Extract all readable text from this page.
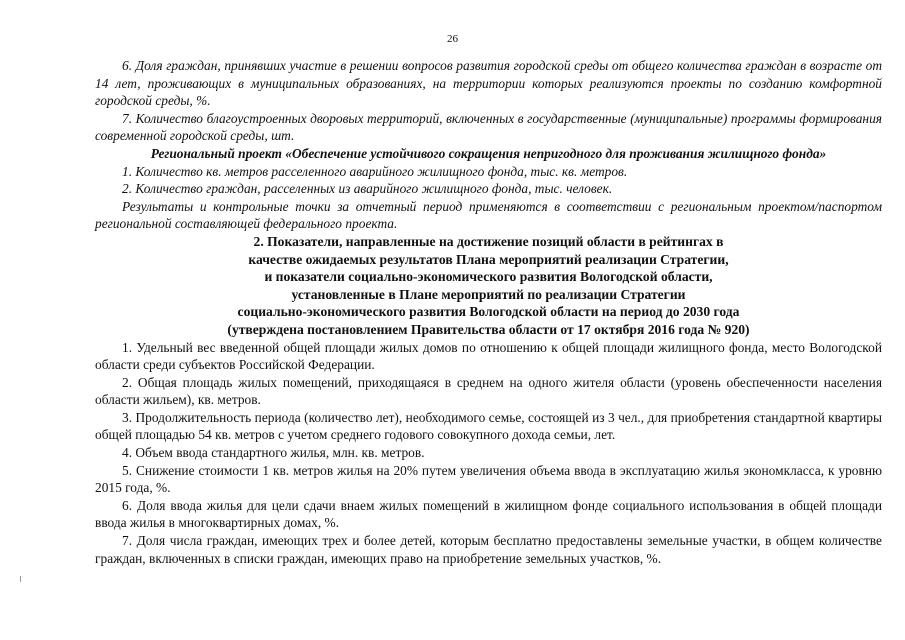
26

6. Доля граждан, принявших участие в решении вопросов развития городской среды от общего количества граждан в возрасте от 14 лет, проживающих в муниципальных образованиях, на территории которых реализуются проекты по созданию комфортной городской среды, %.

7. Количество благоустроенных дворовых территорий, включенных в государственные (муниципальные) программы формирования современной городской среды, шт.

Региональный проект «Обеспечение устойчивого сокращения непригодного для проживания жилищного фонда»

1. Количество кв. метров расселенного аварийного жилищного фонда, тыс. кв. метров.

2. Количество граждан, расселенных из аварийного жилищного фонда, тыс. человек.

Результаты и контрольные точки за отчетный период применяются в соответствии с региональным проектом/паспортом региональной составляющей федерального проекта.

2. Показатели, направленные на достижение позиций области в рейтингах в

качестве ожидаемых результатов Плана мероприятий реализации Стратегии,

и показатели социально-экономического развития Вологодской области,

установленные в Плане мероприятий по реализации Стратегии

социально-экономического развития Вологодской области на период до 2030 года

(утверждена постановлением Правительства области от 17 октября 2016 года № 920)

1. Удельный вес введенной общей площади жилых домов по отношению к общей площади жилищного фонда, место Вологодской области среди субъектов Российской Федерации.

2. Общая площадь жилых помещений, приходящаяся в среднем на одного жителя области (уровень обеспеченности населения области жильем), кв. метров.

3. Продолжительность периода (количество лет), необходимого семье, состоящей из 3 чел., для приобретения стандартной квартиры общей площадью 54 кв. метров с учетом среднего годового совокупного дохода семьи, лет.

4. Объем ввода стандартного жилья, млн. кв. метров.

5. Снижение стоимости 1 кв. метров жилья на 20% путем увеличения объема ввода в эксплуатацию жилья экономкласса, к уровню 2015 года, %.

6. Доля ввода жилья для цели сдачи внаем жилых помещений в жилищном фонде социального использования в общей площади ввода жилья в многоквартирных домах, %.

7. Доля числа граждан, имеющих трех и более детей, которым бесплатно предоставлены земельные участки, в общем количестве граждан, включенных в списки граждан, имеющих право на приобретение земельных участков, %.
